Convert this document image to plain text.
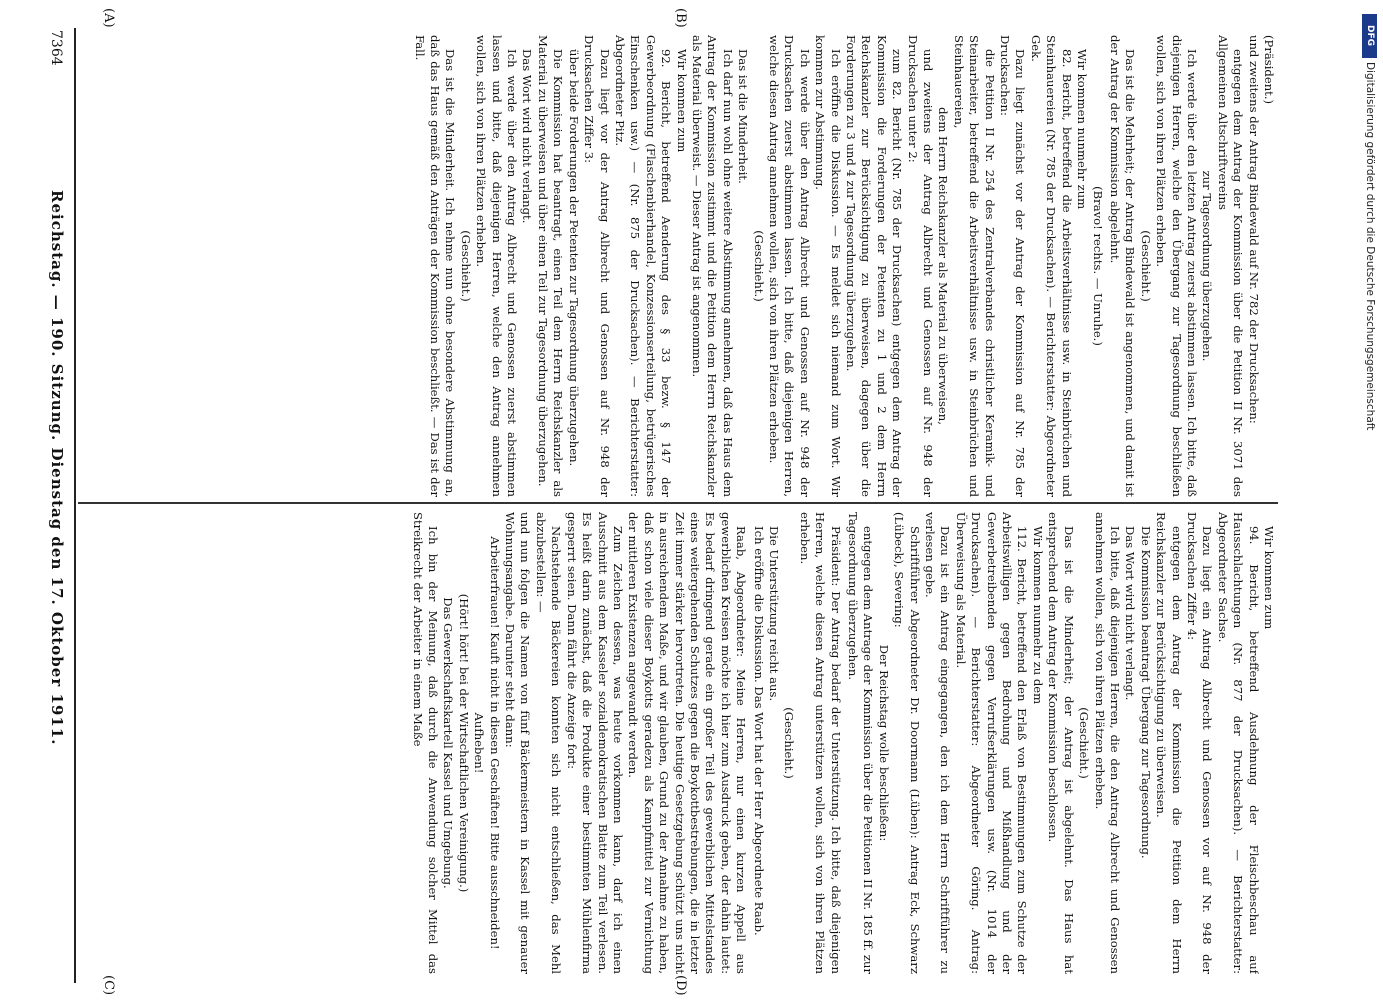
7364
Reichstag. — 190. Sitzung. Dienstag den 17. Oktober 1911.
(A)	(B)
(C)	(D)

(Präsident.)

und zweitens der Antrag Bindewald auf Nr. 782 der Drucksachen:

entgegen dem Antrag der Kommission über die Petition II Nr. 3071 des Allgemeinen Altschriftvereins

zur Tagesordnung überzugehen.

Ich werde über den letzten Antrag zuerst abstimmen lassen. Ich bitte, daß diejenigen Herren, welche den Übergang zur Tagesordnung beschließen wollen, sich von ihren Plätzen erheben.

(Geschieht.)

Das ist die Mehrheit; der Antrag Bindewald ist angenommen, und damit ist der Antrag der Kommission abgelehnt.

(Bravo! rechts. — Unruhe.)

Wir kommen nunmehr zum

82. Bericht, betreffend die Arbeitsverhältnisse usw. in Steinbrüchen und Steinhauereien (Nr. 785 der Drucksachen). — Berichterstatter: Abgeordneter Gek.

Dazu liegt zunächst vor der Antrag der Kommission auf Nr. 785 der Drucksachen:

die Petition II Nr. 254 des Zentralverbandes christlicher Keramik- und Steinarbeiter, betreffend die Arbeitsverhältnisse usw. in Steinbrüchen und Steinhauereien,

dem Herrn Reichskanzler als Material zu überweisen,

und zweitens der Antrag Albrecht und Genossen auf Nr. 948 der Drucksachen unter 2:

zum 82. Bericht (Nr. 785 der Drucksachen) entgegen dem Antrag der Kommission die Forderungen der Petenten zu 1 und 2 dem Herrn Reichskanzler zur Berücksichtigung zu überweisen, dagegen über die Forderungen zu 3 und 4 zur Tagesordnung überzugehen.

Ich eröffne die Diskussion. — Es meldet sich niemand zum Wort. Wir kommen zur Abstimmung.

Ich werde über den Antrag Albrecht und Genossen auf Nr. 948 der Drucksachen zuerst abstimmen lassen. Ich bitte, daß diejenigen Herren, welche diesen Antrag annehmen wollen, sich von ihren Plätzen erheben.

(Geschieht.)

Das ist die Minderheit.

Ich darf nun wohl ohne weitere Abstimmung annehmen, daß das Haus dem Antrag der Kommission zustimmt und die Petition dem Herrn Reichskanzler als Material überweist. — Dieser Antrag ist angenommen.

Wir kommen zum

92. Bericht, betreffend Aenderung des § 33 bezw. § 147 der Gewerbeordnung (Flaschenbierhandel, Konzessionserteilung, betrügerisches Einschenken usw.) — (Nr. 875 der Drucksachen). — Berichterstatter: Abgeordneter Pitz.

Dazu liegt vor der Antrag Albrecht und Genossen auf Nr. 948 der Drucksachen Ziffer 3:

über beide Forderungen der Petenten zur Tagesordnung überzugehen.

Die Kommission hat beantragt, einen Teil dem Herrn Reichskanzler als Material zu überweisen und über einen Teil zur Tagesordnung überzugehen.

Das Wort wird nicht verlangt.

Ich werde über den Antrag Albrecht und Genossen zuerst abstimmen lassen und bitte, daß diejenigen Herren, welche den Antrag annehmen wollen, sich von ihren Plätzen erheben.

(Geschieht.)

Das ist die Minderheit. Ich nehme nun ohne besondere Abstimmung an, daß das Haus gemäß den Anträgen der Kommission beschließt. — Das ist der Fall.

Wir kommen zum

94. Bericht, betreffend Ausdehnung der Fleischbeschau auf Hausschlachtungen (Nr. 877 der Drucksachen). — Berichterstatter: Abgeordneter Sachse.

Dazu liegt ein Antrag Albrecht und Genossen vor auf Nr. 948 der Drucksachen Ziffer 4:

entgegen dem Antrag der Kommission die Petition dem Herrn Reichskanzler zur Berücksichtigung zu überweisen.

Die Kommission beantragt Übergang zur Tagesordnung.

Das Wort wird nicht verlangt.

Ich bitte, daß diejenigen Herren, die den Antrag Albrecht und Genossen annehmen wollen, sich von ihren Plätzen erheben.

(Geschieht.)

Das ist die Minderheit; der Antrag ist abgelehnt. Das Haus hat entsprechend dem Antrag der Kommission beschlossen.

Wir kommen nunmehr zu dem

112. Bericht, betreffend den Erlaß von Bestimmungen zum Schutze der Arbeitswilligen gegen Bedrohung und Mißhandlung und der Gewerbetreibenden gegen Verrufserklärungen usw. (Nr. 1014 der Drucksachen). — Berichterstatter: Abgeordneter Göring. Antrag: Überweisung als Material.

Dazu ist ein Antrag eingegangen, den ich dem Herrn Schriftführer zu verlesen gebe.

Schriftführer Abgeordneter Dr. Doormann (Lüben): Antrag Eck, Schwarz (Lübeck), Severing:

Der Reichstag wolle beschließen:

entgegen dem Antrage der Kommission über die Petitionen II Nr. 185 ff. zur Tagesordnung überzugehen.

Präsident: Der Antrag bedarf der Unterstützung. Ich bitte, daß diejenigen Herren, welche diesen Antrag unterstützen wollen, sich von ihren Plätzen erheben.

(Geschieht.)

Die Unterstützung reicht aus.

Ich eröffne die Diskussion. Das Wort hat der Herr Abgeordnete Raab.

Raab, Abgeordneter: Meine Herren, nur einen kurzen Appell aus gewerblichen Kreisen möchte ich hier zum Ausdruck geben, der dahin lautet: Es bedarf dringend gerade ein großer Teil des gewerblichen Mittelstandes eines weitergehenden Schutzes gegen die Boykottbestrebungen, die in letzter Zeit immer stärker hervortreten. Die heutige Gesetzgebung schützt uns nicht in ausreichendem Maße, und wir glauben, Grund zu der Annahme zu haben, daß schon viele dieser Boykotts geradezu als Kampfmittel zur Vernichtung der mittleren Existenzen angewandt werden.

Zum Zeichen dessen, was heute vorkommen kann, darf ich einen Ausschnitt aus dem Kasseler sozialdemokratischen Blatte zum Teil verlesen. Es heißt darin zunächst, daß die Produkte einer bestimmten Mühlenfirma gesperrt seien. Dann fährt die Anzeige fort:

Nachstehende Bäckereien konnten sich nicht entschließen, das Mehl abzubestellen: —

und nun folgen die Namen von fünf Bäckermeistern in Kassel mit genauer Wohnungsangabe. Darunter steht dann:

Arbeiterfrauen! Kauft nicht in diesen Geschäften! Bitte ausschneiden! Aufheben!

(Hört! hört! bei der Wirtschaftlichen Vereinigung.)

Das Gewerkschaftskartell Kassel und Umgebung.

Ich bin der Meinung, daß durch die Anwendung solcher Mittel das Streikrecht der Arbeiter in einem Maße

DFG
Digitalisierung gefördert durch die Deutsche Forschungsgemeinschaft
